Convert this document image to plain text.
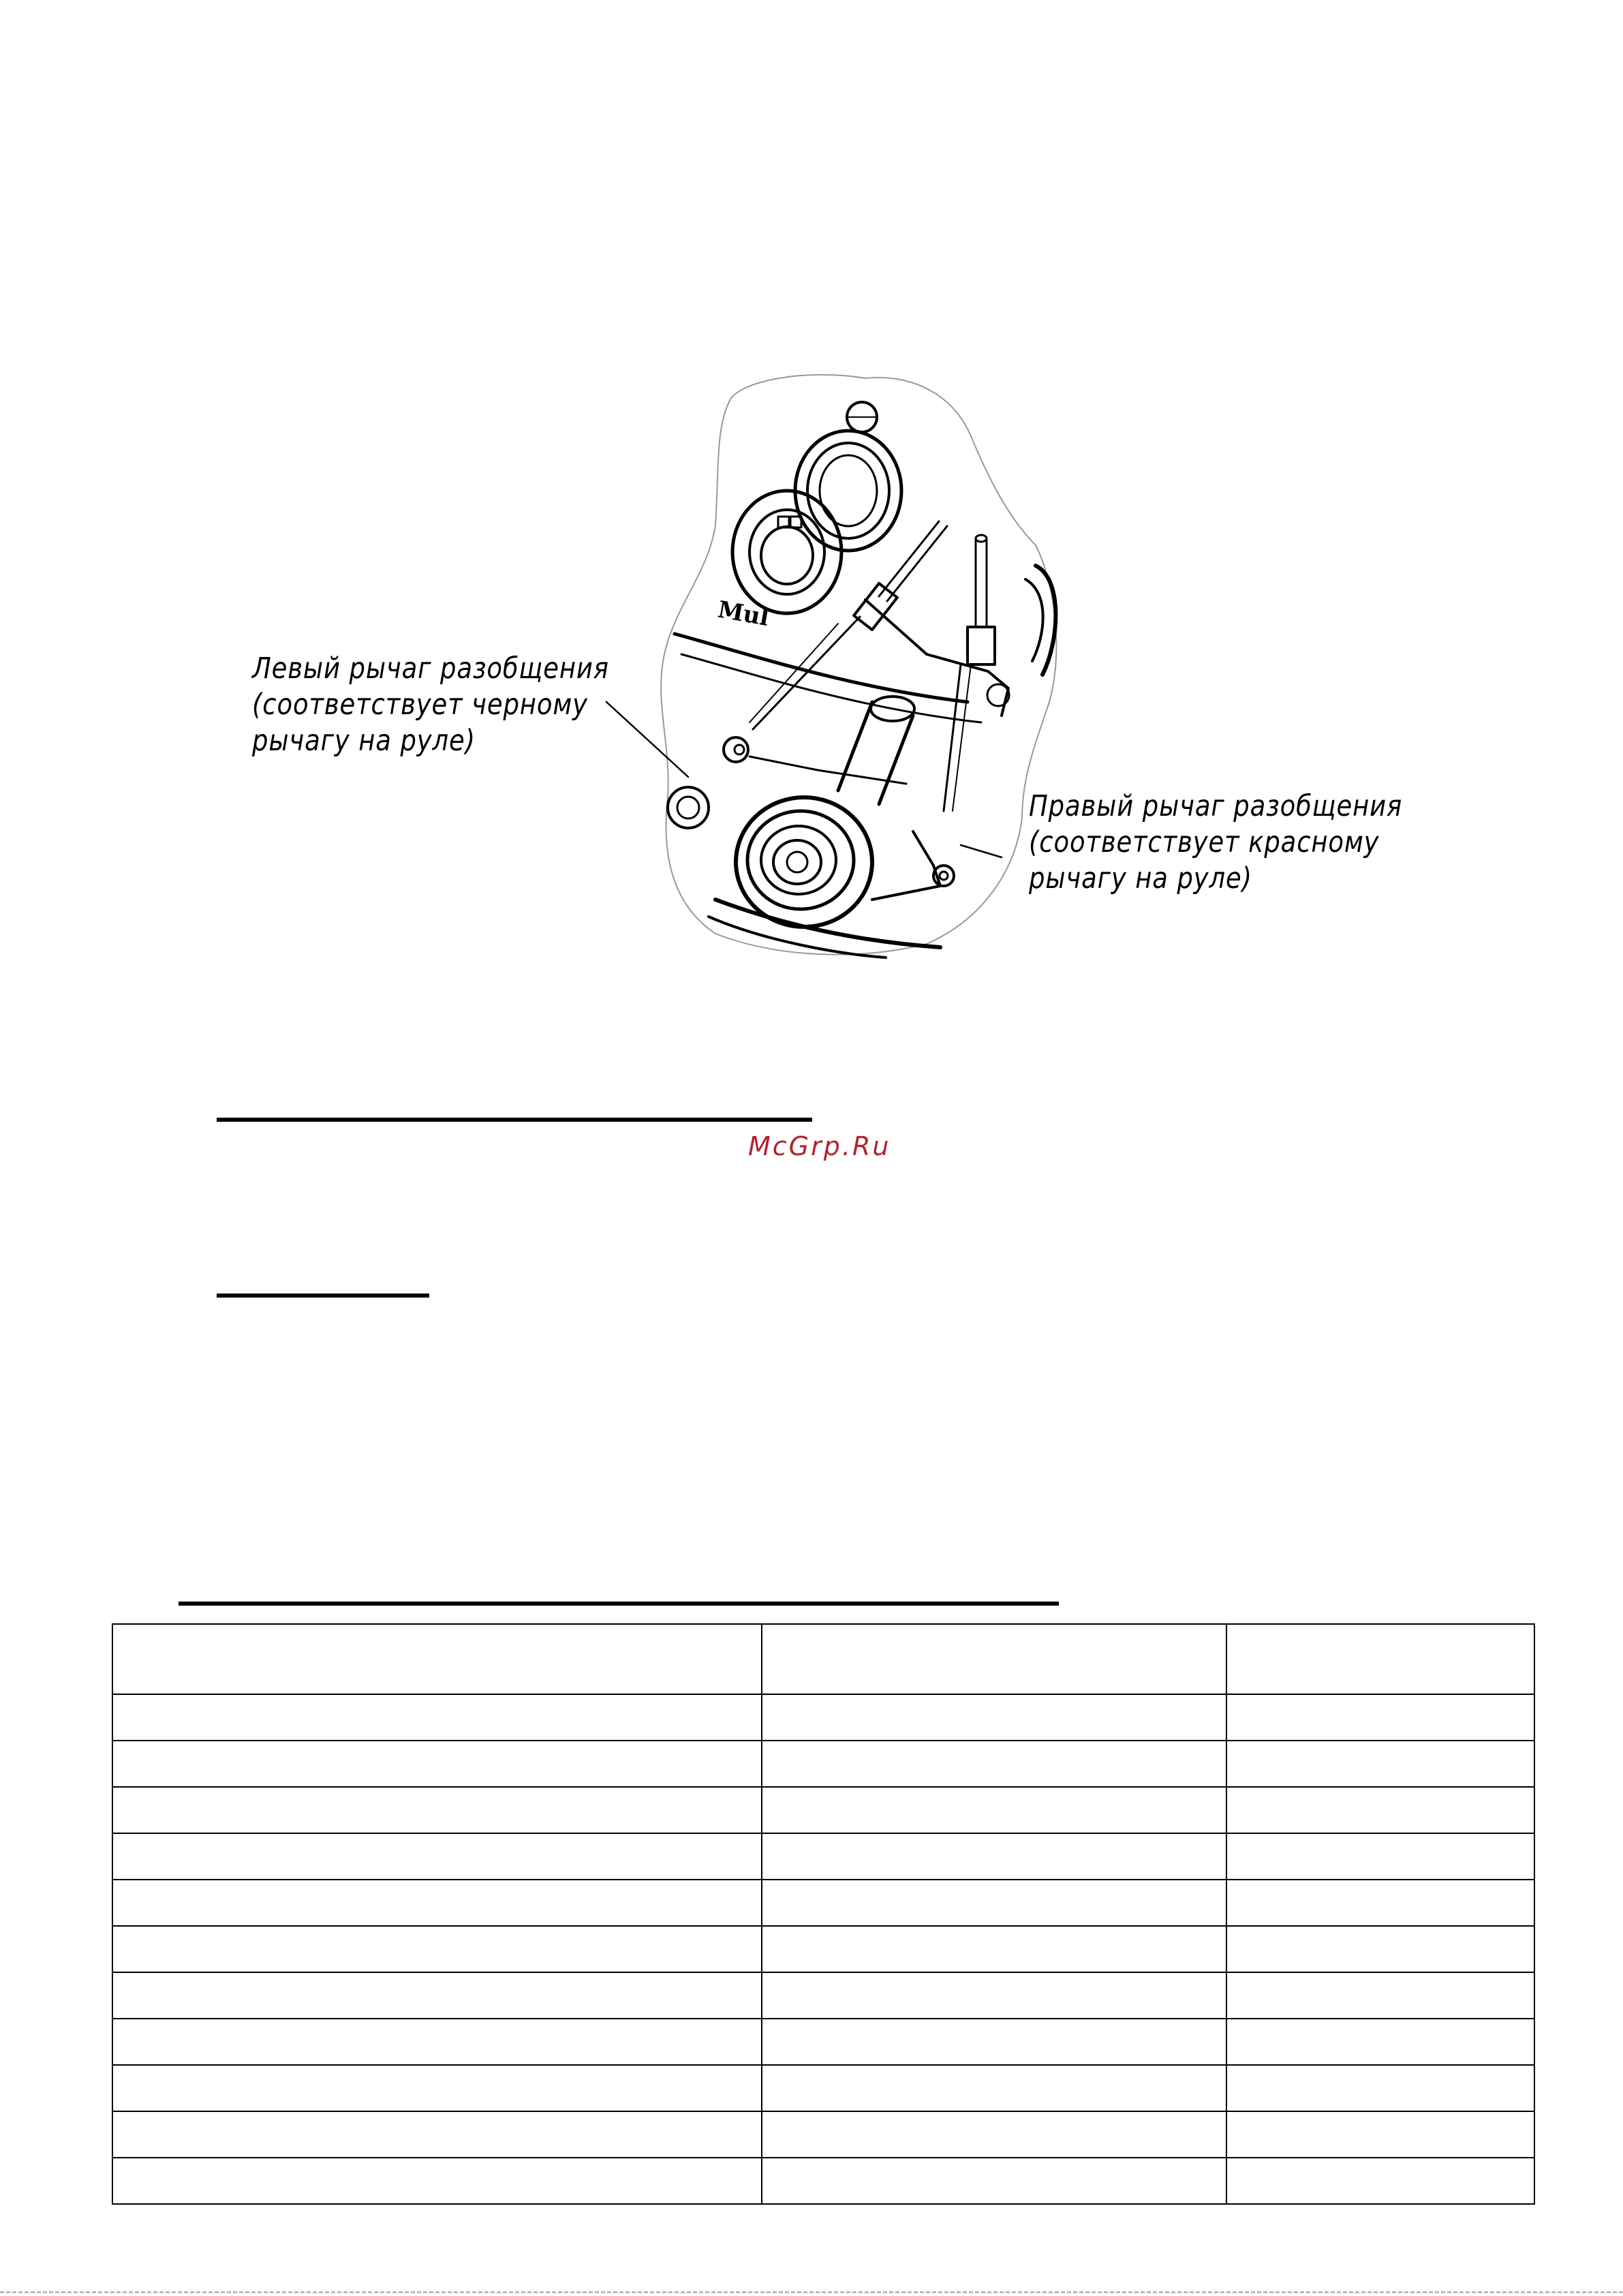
Mul
Левый рычаг разобщения
(соответствует черному
рычагу на руле)
Правый рычаг разобщения
(соответствует красному
рычагу на руле)
McGrp.Ru
